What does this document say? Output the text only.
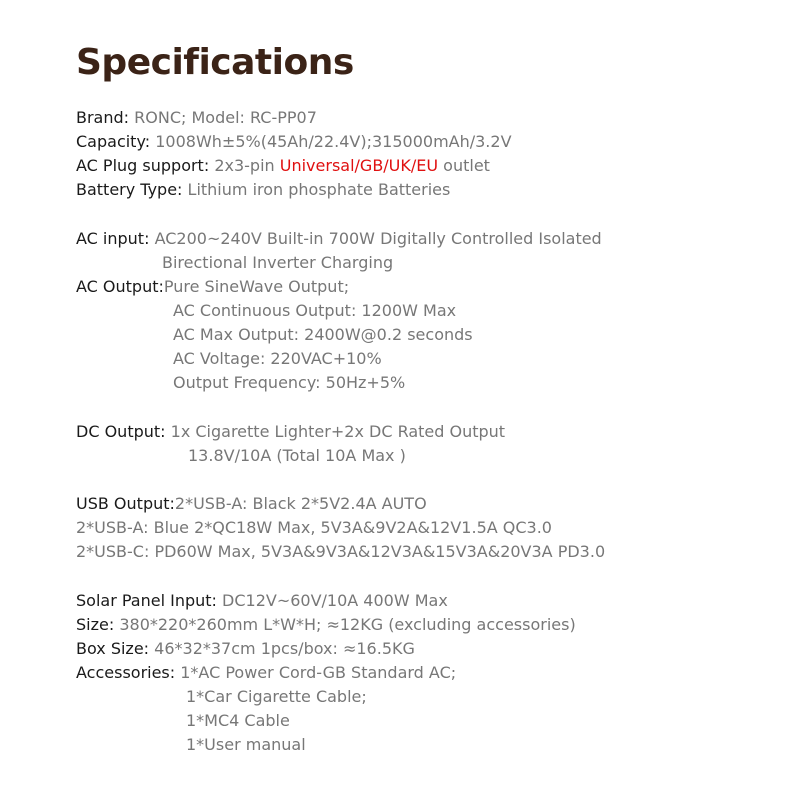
Specifications
Brand: RONC; Model: RC-PP07
Capacity: 1008Wh±5%(45Ah/22.4V);315000mAh/3.2V
AC Plug support: 2x3-pin Universal/GB/UK/EU outlet
Battery Type: Lithium iron phosphate Batteries
AC input: AC200~240V Built-in 700W Digitally Controlled Isolated
Birectional Inverter Charging
AC Output:Pure SineWave Output;
AC Continuous Output: 1200W Max
AC Max Output: 2400W@0.2 seconds
AC Voltage: 220VAC+10%
Output Frequency: 50Hz+5%
DC Output: 1x Cigarette Lighter+2x DC Rated Output
13.8V/10A (Total 10A Max )
USB Output:2*USB-A: Black 2*5V2.4A AUTO
2*USB-A: Blue 2*QC18W Max, 5V3A&9V2A&12V1.5A QC3.0
2*USB-C: PD60W Max, 5V3A&9V3A&12V3A&15V3A&20V3A PD3.0
Solar Panel Input: DC12V~60V/10A 400W Max
Size: 380*220*260mm L*W*H; ≈12KG (excluding accessories)
Box Size: 46*32*37cm 1pcs/box: ≈16.5KG
Accessories: 1*AC Power Cord-GB Standard AC;
1*Car Cigarette Cable;
1*MC4 Cable
1*User manual
